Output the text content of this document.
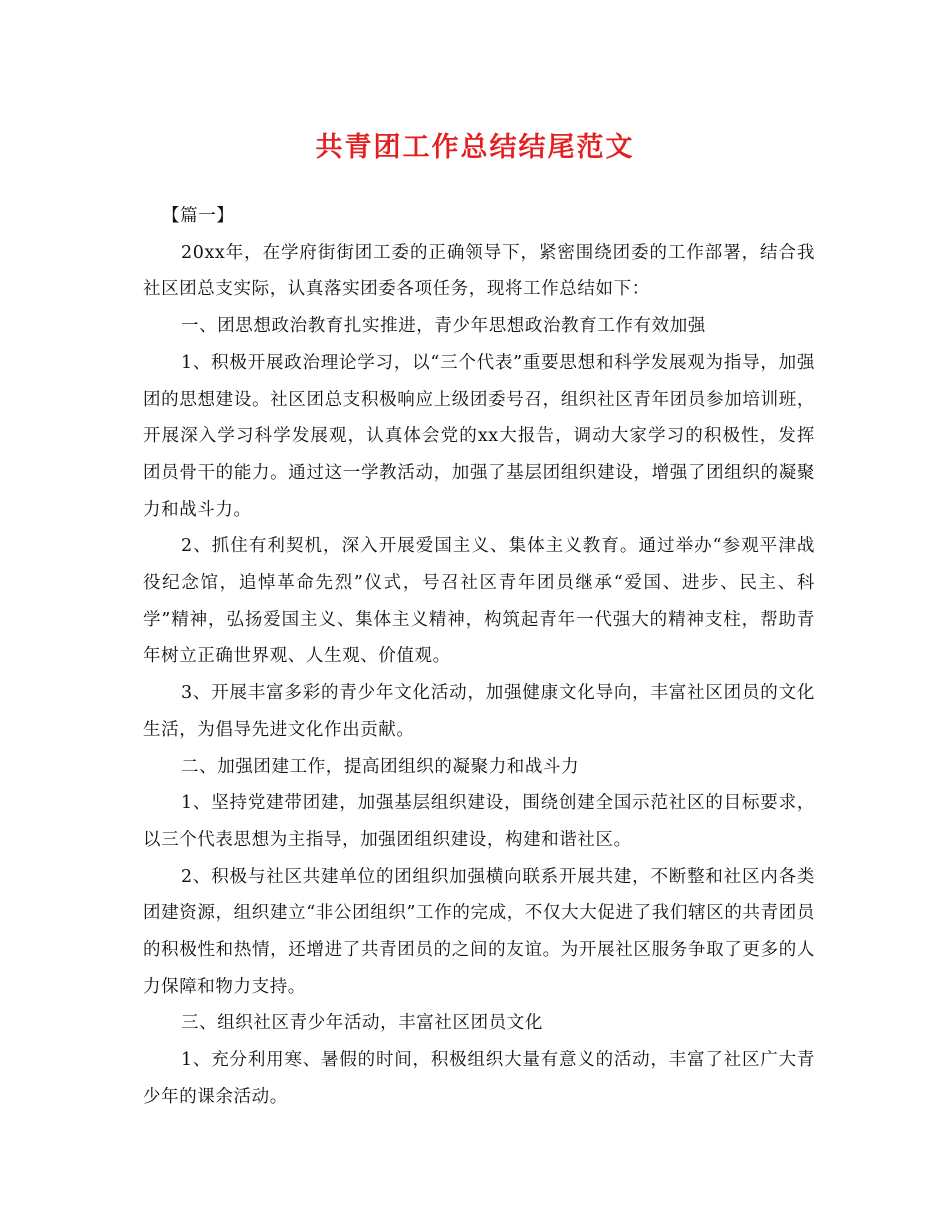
共青团工作总结结尾范文

【篇一】

20xx年，在学府街街团工委的正确领导下，紧密围绕团委的工作部署，结合我社区团总支实际，认真落实团委各项任务，现将工作总结如下：

一、团思想政治教育扎实推进，青少年思想政治教育工作有效加强

1、积极开展政治理论学习，以“三个代表”重要思想和科学发展观为指导，加强团的思想建设。社区团总支积极响应上级团委号召，组织社区青年团员参加培训班，开展深入学习科学发展观，认真体会党的xx大报告，调动大家学习的积极性，发挥团员骨干的能力。通过这一学教活动，加强了基层团组织建设，增强了团组织的凝聚力和战斗力。

2、抓住有利契机，深入开展爱国主义、集体主义教育。通过举办“参观平津战役纪念馆，追悼革命先烈”仪式，号召社区青年团员继承“爱国、进步、民主、科学”精神，弘扬爱国主义、集体主义精神，构筑起青年一代强大的精神支柱，帮助青年树立正确世界观、人生观、价值观。

3、开展丰富多彩的青少年文化活动，加强健康文化导向，丰富社区团员的文化生活，为倡导先进文化作出贡献。

二、加强团建工作，提高团组织的凝聚力和战斗力

1、坚持党建带团建，加强基层组织建设，围绕创建全国示范社区的目标要求，以三个代表思想为主指导，加强团组织建设，构建和谐社区。

2、积极与社区共建单位的团组织加强横向联系开展共建，不断整和社区内各类团建资源，组织建立“非公团组织”工作的完成，不仅大大促进了我们辖区的共青团员的积极性和热情，还增进了共青团员的之间的友谊。为开展社区服务争取了更多的人力保障和物力支持。

三、组织社区青少年活动，丰富社区团员文化

1、充分利用寒、暑假的时间，积极组织大量有意义的活动，丰富了社区广大青少年的课余活动。
